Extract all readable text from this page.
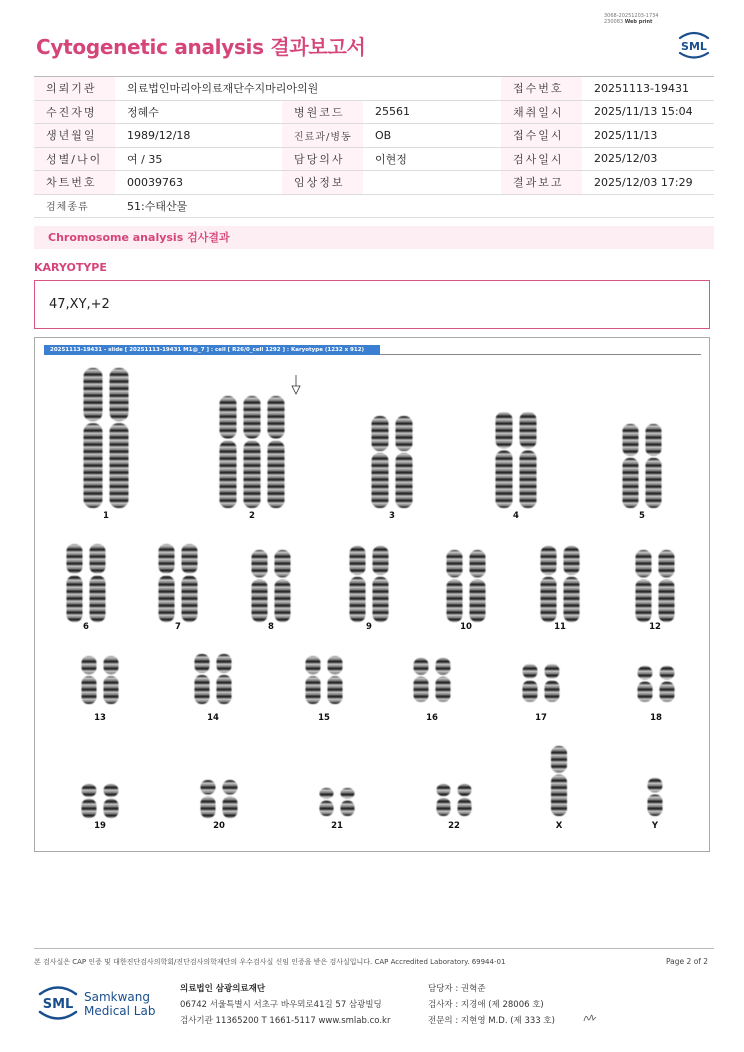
3068-20251203-1734
230083 Web print
Cytogenetic analysis 결과보고서	SML
의뢰기관	의료법인마리아의료재단수지마리아의원			접수번호	20251113-19431
수진자명	정혜수	병원코드	25561	채취일시	2025/11/13 15:04
생년월일	1989/12/18	진료과/병동	OB	접수일시	2025/11/13
성별/나이	여 / 35	담당의사	이현정	검사일시	2025/12/03
차트번호	00039763	임상정보		결과보고	2025/12/03 17:29
검체종류	51:수태산물				
Chromosome analysis 검사결과
KARYOTYPE
47,XY,+2
20251113-19431 - slide [ 20251113-19431 M1@_7 ] : cell [ R26/0_cell 1292 ] : Karyotype (1232 x 912)
1	2	3	4	5
6	7	8	9	10	11	12
13	14	15	16	17	18
19	20	21	22	X	Y
본 검사실은 CAP 인증 및 대한진단검사의학회/진단검사의학재단의 우수검사실 신임 인증을 받은 검사실입니다. CAP Accredited Laboratory. 69944-01	Page 2 of 2
SML Samkwang
Medical Lab
의료법인 삼광의료재단
06742 서울특별시 서초구 바우뫼로41길 57 삼광빌딩
검사기관 11365200 T 1661-5117 www.smlab.co.kr
담당자 : 권혁준
검사자 : 지경애 (제 28006 호)
전문의 : 지현영 M.D. (제 333 호)
